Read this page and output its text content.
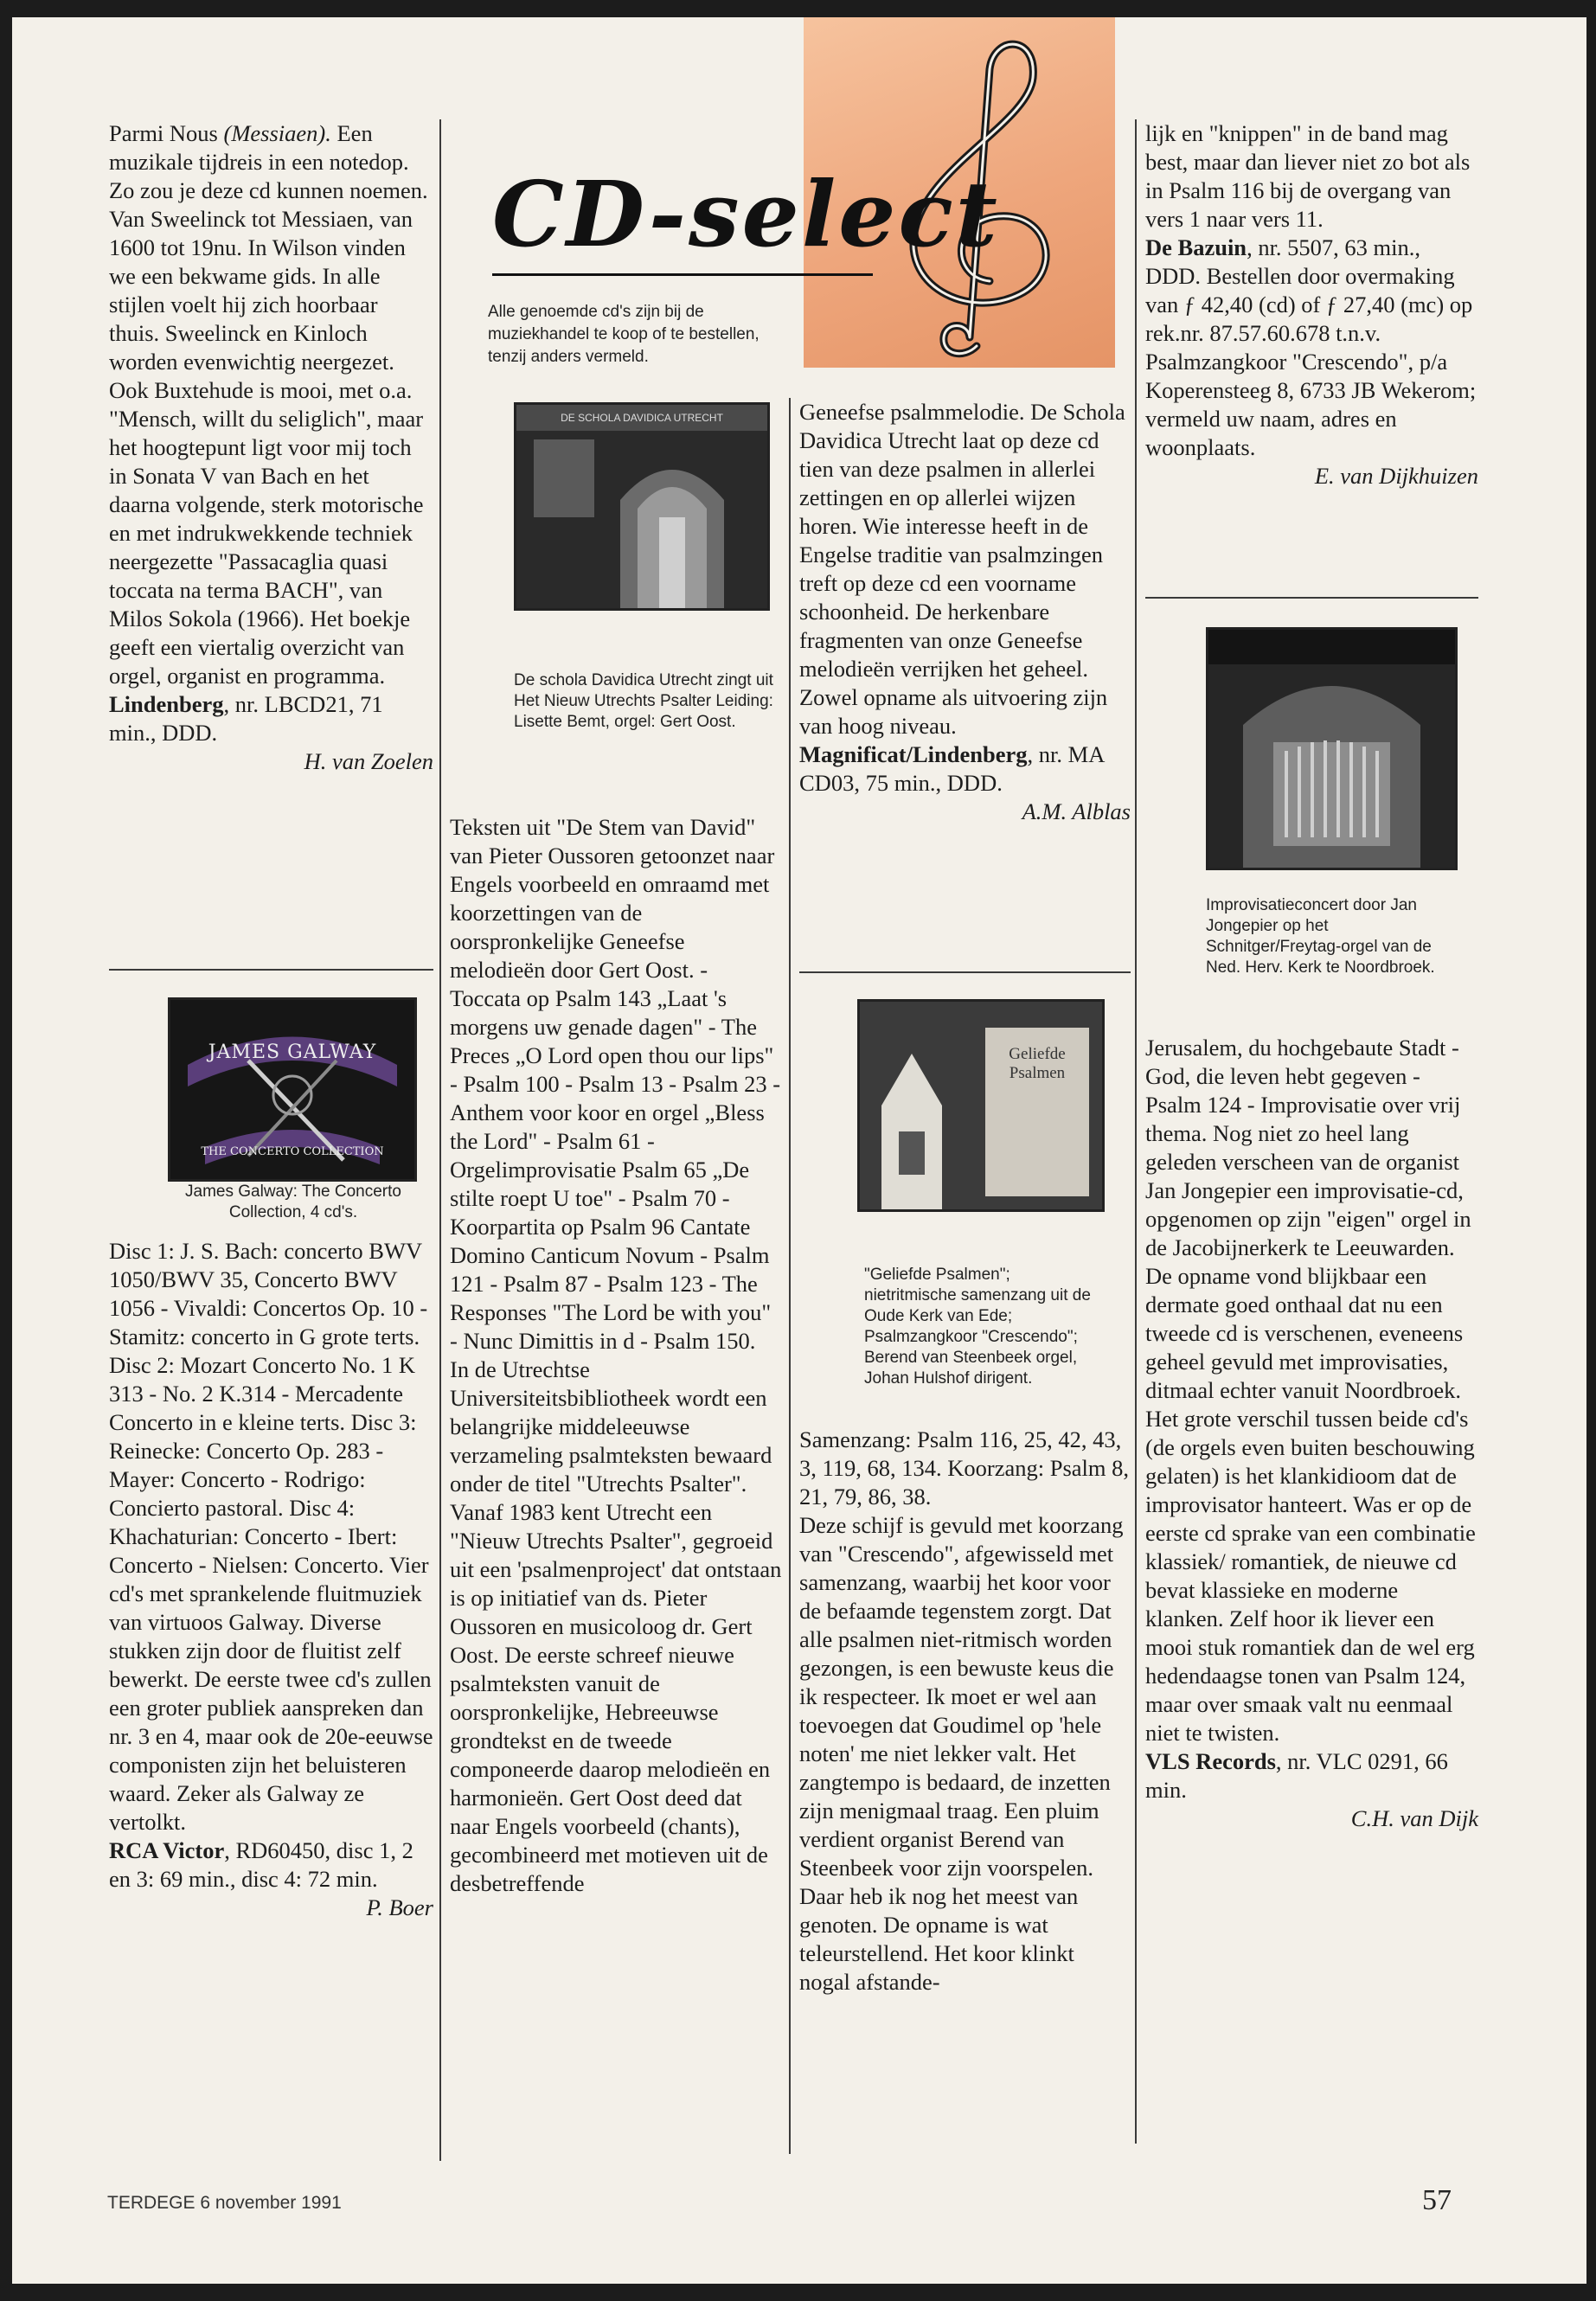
CD-select
Alle genoemde cd's zijn bij de muziekhandel te koop of te bestellen, tenzij anders vermeld.

Parmi Nous (Messiaen). Een muzikale tijdreis in een notedop. Zo zou je deze cd kunnen noemen. Van Sweelinck tot Messiaen, van 1600 tot 19nu. In Wilson vinden we een bekwame gids. In alle stijlen voelt hij zich hoorbaar thuis. Sweelinck en Kinloch worden evenwichtig neergezet. Ook Buxtehude is mooi, met o.a. "Mensch, willt du seliglich", maar het hoogtepunt ligt voor mij toch in Sonata V van Bach en het daarna volgende, sterk motorische en met indrukwekkende techniek neergezette "Passacaglia quasi toccata na terma BACH", van Milos Sokola (1966). Het boekje geeft een viertalig overzicht van orgel, organist en programma.

Lindenberg, nr. LBCD21, 71 min., DDD.

H. van Zoelen

JAMES GALWAY
THE CONCERTO COLLECTION
James Galway: The Concerto Collection, 4 cd's.

Disc 1: J. S. Bach: concerto BWV 1050/BWV 35, Concerto BWV 1056 - Vivaldi: Concertos Op. 10 - Stamitz: concerto in G grote terts. Disc 2: Mozart Concerto No. 1 K 313 - No. 2 K.314 - Mercadente Concerto in e kleine terts. Disc 3: Reinecke: Concerto Op. 283 - Mayer: Concerto - Rodrigo: Concierto pastoral. Disc 4: Khachaturian: Concerto - Ibert: Concerto - Nielsen: Concerto. Vier cd's met sprankelende fluitmuziek van virtuoos Galway. Diverse stukken zijn door de fluitist zelf bewerkt. De eerste twee cd's zullen een groter publiek aanspreken dan nr. 3 en 4, maar ook de 20e-eeuwse componisten zijn het beluisteren waard. Zeker als Galway ze vertolkt.

RCA Victor, RD60450, disc 1, 2 en 3: 69 min., disc 4: 72 min.

P. Boer

DE SCHOLA DAVIDICA UTRECHT
De schola Davidica Utrecht zingt uit Het Nieuw Utrechts Psalter Leiding: Lisette Bemt, orgel: Gert Oost.

Teksten uit "De Stem van David" van Pieter Oussoren getoonzet naar Engels voorbeeld en omraamd met koorzettingen van de oorspronkelijke Geneefse melodieën door Gert Oost. - Toccata op Psalm 143 „Laat 's morgens uw genade dagen" - The Preces „O Lord open thou our lips" - Psalm 100 - Psalm 13 - Psalm 23 - Anthem voor koor en orgel „Bless the Lord" - Psalm 61 - Orgelimprovisatie Psalm 65 „De stilte roept U toe" - Psalm 70 - Koorpartita op Psalm 96 Cantate Domino Canticum Novum - Psalm 121 - Psalm 87 - Psalm 123 - The Responses "The Lord be with you" - Nunc Dimittis in d - Psalm 150.

In de Utrechtse Universiteitsbibliotheek wordt een belangrijke middeleeuwse verzameling psalmteksten bewaard onder de titel "Utrechts Psalter". Vanaf 1983 kent Utrecht een "Nieuw Utrechts Psalter", gegroeid uit een 'psalmenproject' dat ontstaan is op initiatief van ds. Pieter Oussoren en musicoloog dr. Gert Oost. De eerste schreef nieuwe psalmteksten vanuit de oorspronkelijke, Hebreeuwse grondtekst en de tweede componeerde daarop melodieën en harmonieën. Gert Oost deed dat naar Engels voorbeeld (chants), gecombineerd met motieven uit de desbetreffende

Geneefse psalmmelodie. De Schola Davidica Utrecht laat op deze cd tien van deze psalmen in allerlei zettingen en op allerlei wijzen horen. Wie interesse heeft in de Engelse traditie van psalmzingen treft op deze cd een voorname schoonheid. De herkenbare fragmenten van onze Geneefse melodieën verrijken het geheel. Zowel opname als uitvoering zijn van hoog niveau.

Magnificat/Lindenberg, nr. MA CD03, 75 min., DDD.

A.M. Alblas

Geliefde
Psalmen
"Geliefde Psalmen"; nietritmische samenzang uit de Oude Kerk van Ede; Psalmzangkoor "Crescendo"; Berend van Steenbeek orgel, Johan Hulshof dirigent.

Samenzang: Psalm 116, 25, 42, 43, 3, 119, 68, 134. Koorzang: Psalm 8, 21, 79, 86, 38.

Deze schijf is gevuld met koorzang van "Crescendo", afgewisseld met samenzang, waarbij het koor voor de befaamde tegenstem zorgt. Dat alle psalmen niet-ritmisch worden gezongen, is een bewuste keus die ik respecteer. Ik moet er wel aan toevoegen dat Goudimel op 'hele noten' me niet lekker valt. Het zangtempo is bedaard, de inzetten zijn menigmaal traag. Een pluim verdient organist Berend van Steenbeek voor zijn voorspelen. Daar heb ik nog het meest van genoten. De opname is wat teleurstellend. Het koor klinkt nogal afstande-

lijk en "knippen" in de band mag best, maar dan liever niet zo bot als in Psalm 116 bij de overgang van vers 1 naar vers 11.

De Bazuin, nr. 5507, 63 min., DDD. Bestellen door overmaking van ƒ 42,40 (cd) of ƒ 27,40 (mc) op rek.nr. 87.57.60.678 t.n.v. Psalmzangkoor "Crescendo", p/a Koperensteeg 8, 6733 JB Wekerom; vermeld uw naam, adres en woonplaats.

E. van Dijkhuizen

Improvisatieconcert door Jan Jongepier op het Schnitger/Freytag-orgel van de Ned. Herv. Kerk te Noordbroek.

Jerusalem, du hochgebaute Stadt - God, die leven hebt gegeven - Psalm 124 - Improvisatie over vrij thema. Nog niet zo heel lang geleden verscheen van de organist Jan Jongepier een improvisatie-cd, opgenomen op zijn "eigen" orgel in de Jacobijnerkerk te Leeuwarden. De opname vond blijkbaar een dermate goed onthaal dat nu een tweede cd is verschenen, eveneens geheel gevuld met improvisaties, ditmaal echter vanuit Noordbroek. Het grote verschil tussen beide cd's (de orgels even buiten beschouwing gelaten) is het klankidioom dat de improvisator hanteert. Was er op de eerste cd sprake van een combinatie klassiek/ romantiek, de nieuwe cd bevat klassieke en moderne klanken. Zelf hoor ik liever een mooi stuk romantiek dan de wel erg hedendaagse tonen van Psalm 124, maar over smaak valt nu eenmaal niet te twisten.

VLS Records, nr. VLC 0291, 66 min.

C.H. van Dijk

TERDEGE 6 november 1991	57
